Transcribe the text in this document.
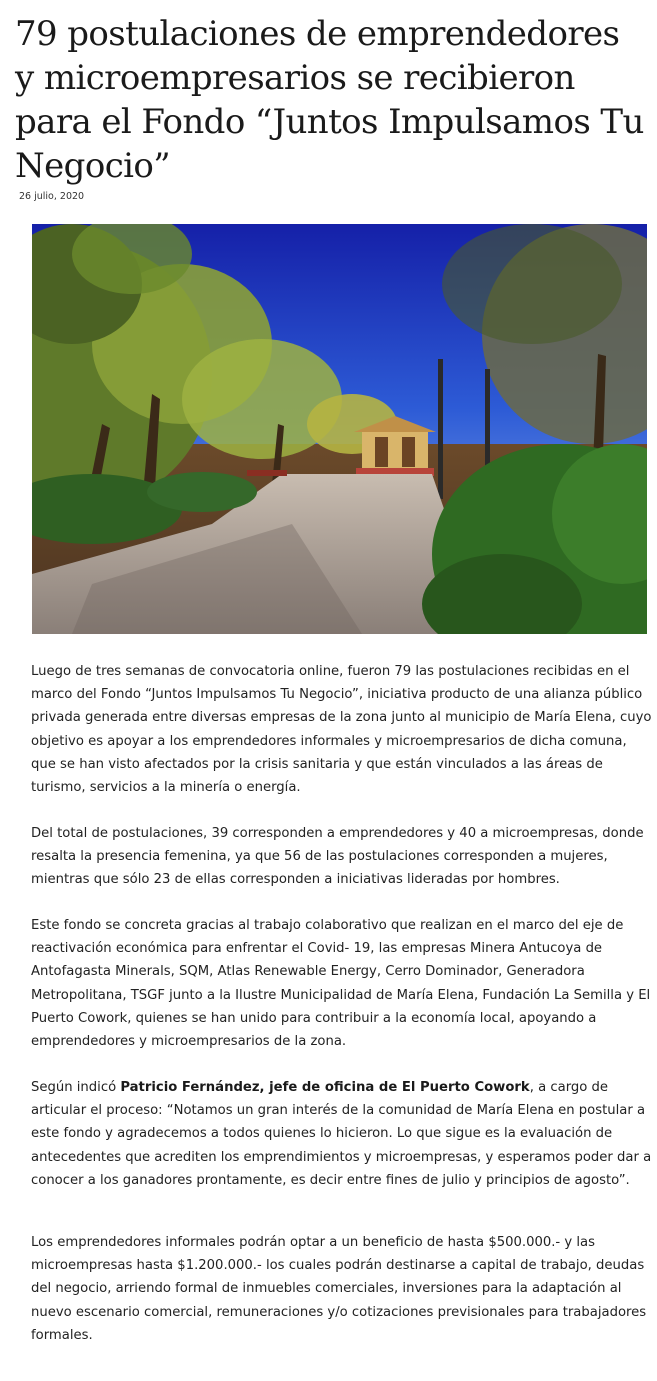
79 postulaciones de emprendedores y microempresarios se recibieron para el Fondo “Juntos Impulsamos Tu Negocio”
26 julio, 2020

Luego de tres semanas de convocatoria online, fueron 79 las postulaciones recibidas en el marco del Fondo “Juntos Impulsamos Tu Negocio”, iniciativa producto de una alianza público privada generada entre diversas empresas de la zona junto al municipio de María Elena, cuyo objetivo es apoyar a los emprendedores informales y microempresarios de dicha comuna, que se han visto afectados por la crisis sanitaria y que están vinculados a las áreas de turismo, servicios a la minería o energía.

Del total de postulaciones, 39 corresponden a emprendedores y 40 a microempresas, donde resalta la presencia femenina, ya que 56 de las postulaciones corresponden a mujeres, mientras que sólo 23 de ellas corresponden a iniciativas lideradas por hombres.

Este fondo se concreta gracias al trabajo colaborativo que realizan en el marco del eje de reactivación económica para enfrentar el Covid- 19, las empresas Minera Antucoya de Antofagasta Minerals, SQM, Atlas Renewable Energy, Cerro Dominador, Generadora Metropolitana, TSGF junto a la Ilustre Municipalidad de María Elena, Fundación La Semilla y El Puerto Cowork, quienes se han unido para contribuir a la economía local, apoyando a emprendedores y microempresarios de la zona.

Según indicó Patricio Fernández, jefe de oficina de El Puerto Cowork, a cargo de articular el proceso: “Notamos un gran interés de la comunidad de María Elena en postular a este fondo y agradecemos a todos quienes lo hicieron. Lo que sigue es la evaluación de antecedentes que acrediten los emprendimientos y microempresas, y esperamos poder dar a conocer a los ganadores prontamente, es decir entre fines de julio y principios de agosto”.

Los emprendedores informales podrán optar a un beneficio de hasta $500.000.- y las microempresas hasta $1.200.000.- los cuales podrán destinarse a capital de trabajo, deudas del negocio, arriendo formal de inmuebles comerciales, inversiones para la adaptación al nuevo escenario comercial, remuneraciones y/o cotizaciones previsionales para trabajadores formales.
